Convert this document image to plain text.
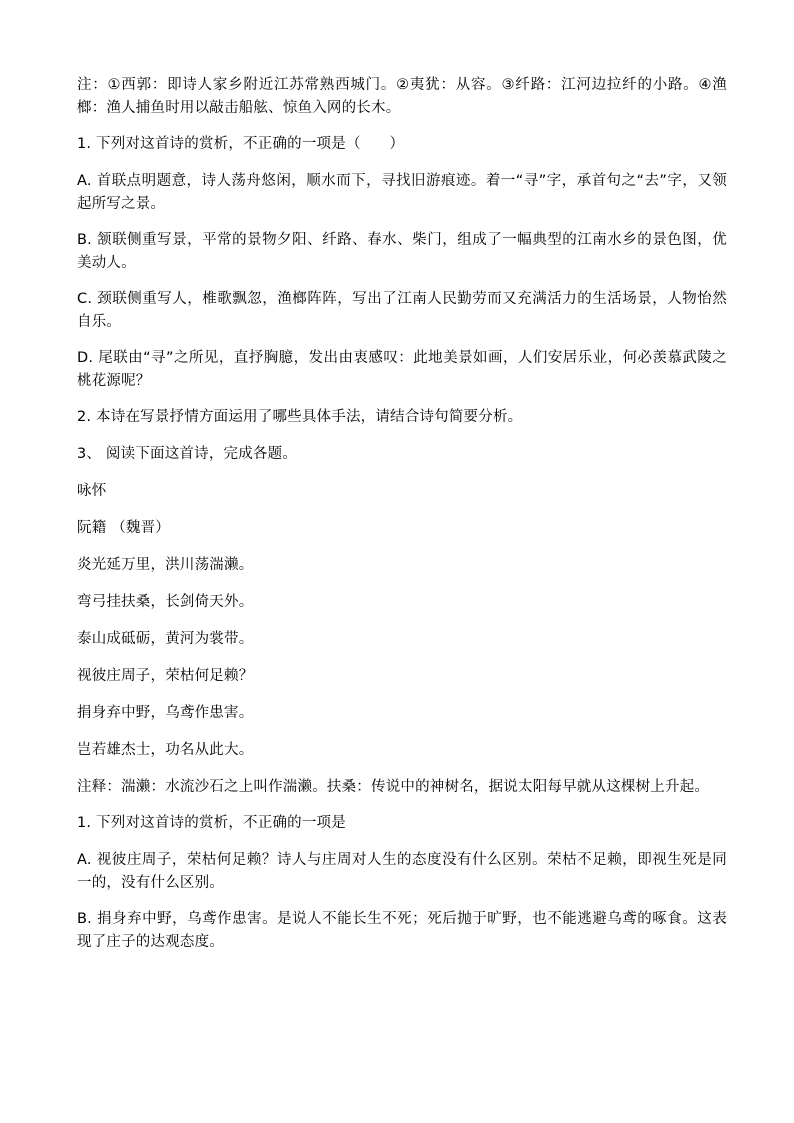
注：①西郭：即诗人家乡附近江苏常熟西城门。②夷犹：从容。③纤路：江河边拉纤的小路。④渔榔：渔人捕鱼时用以敲击船舷、惊鱼入网的长木。

1. 下列对这首诗的赏析，不正确的一项是（      ）

A. 首联点明题意，诗人荡舟悠闲，顺水而下，寻找旧游痕迹。着一“寻”字，承首句之“去”字，又领起所写之景。

B. 颔联侧重写景，平常的景物夕阳、纤路、春水、柴门，组成了一幅典型的江南水乡的景色图，优美动人。

C. 颈联侧重写人，椎歌飘忽，渔榔阵阵，写出了江南人民勤劳而又充满活力的生活场景，人物怡然自乐。

D. 尾联由“寻”之所见，直抒胸臆，发出由衷感叹：此地美景如画，人们安居乐业，何必羡慕武陵之桃花源呢？

2. 本诗在写景抒情方面运用了哪些具体手法，请结合诗句简要分析。

3、 阅读下面这首诗，完成各题。

咏怀

阮籍 （魏晋）

炎光延万里，洪川荡湍濑。

弯弓挂扶桑，长剑倚天外。

泰山成砥砺，黄河为裳带。

视彼庄周子，荣枯何足赖？

捐身弃中野，乌鸢作患害。

岂若雄杰士，功名从此大。

注释：湍濑：水流沙石之上叫作湍濑。扶桑：传说中的神树名，据说太阳每早就从这棵树上升起。

1. 下列对这首诗的赏析，不正确的一项是

A. 视彼庄周子，荣枯何足赖？诗人与庄周对人生的态度没有什么区别。荣枯不足赖，即视生死是同一的，没有什么区别。

B. 捐身弃中野，乌鸢作患害。是说人不能长生不死；死后抛于旷野，也不能逃避乌鸢的啄食。这表现了庄子的达观态度。
